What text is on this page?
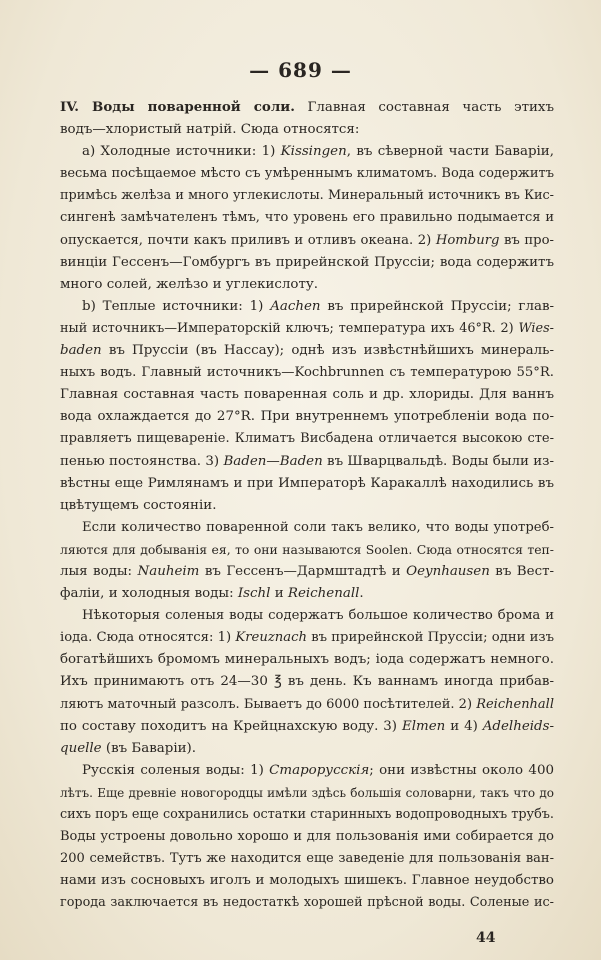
— 689 —
IV. Воды поваренной соли. Главная составная часть этихъ
водъ—хлористый натрій. Сюда относятся:
а) Холодные источники: 1) Kissingen, въ сѣверной части Баваріи,
весьма посѣщаемое мѣсто съ умѣреннымъ климатомъ. Вода содержитъ
примѣсь желѣза и много углекислоты. Минеральный источникъ въ Кис-
сингенѣ замѣчателенъ тѣмъ, что уровень его правильно подымается и
опускается, почти какъ приливъ и отливъ океана. 2) Homburg въ про-
винціи Гессенъ—Гомбургъ въ прирейнской Пруссіи; вода содержитъ
много солей, желѣзо и углекислоту.
b) Теплые источники: 1) Aachen въ прирейнской Пруссіи; глав-
ный источникъ—Императорскій ключъ; температура ихъ 46°R. 2) Wies-
baden въ Пруссіи (въ Нассау); однѣ изъ извѣстнѣйшихъ минераль-
ныхъ водъ. Главный источникъ—Kochbrunnen съ температурою 55°R.
Главная составная часть поваренная соль и др. хлориды. Для ваннъ
вода охлаждается до 27°R. При внутреннемъ употребленіи вода по-
правляетъ пищевареніе. Климатъ Висбадена отличается высокою сте-
пенью постоянства. 3) Baden—Baden въ Шварцвальдѣ. Воды были из-
вѣстны еще Римлянамъ и при Императорѣ Каракаллѣ находились въ
цвѣтущемъ состояніи.
Если количество поваренной соли такъ велико, что воды употреб-
ляются для добыванія ея, то они называются Soolen. Сюда относятся теп-
лыя воды: Nauheim въ Гессенъ—Дармштадтѣ и Oeynhausen въ Вест-
фаліи, и холодныя воды: Ischl и Reichenall.
Нѣкоторыя соленыя воды содержатъ большое количество брома и
іода. Сюда относятся: 1) Kreuznach въ прирейнской Пруссіи; одни изъ
богатѣйшихъ бромомъ минеральныхъ водъ; іода содержатъ немного.
Ихъ принимаютъ отъ 24—30 ℥ въ день. Къ ваннамъ иногда прибав-
ляютъ маточный разсолъ. Бываетъ до 6000 посѣтителей. 2) Reichenhall
по составу походитъ на Крейцнахскую воду. 3) Elmen и 4) Adelheids-
quelle (въ Баваріи).
Русскія соленыя воды: 1) Старорусскія; они извѣстны около 400
лѣтъ. Еще древніе новогородцы имѣли здѣсь большія соловарни, такъ что до
сихъ поръ еще сохранились остатки старинныхъ водопроводныхъ трубъ.
Воды устроены довольно хорошо и для пользованія ими собирается до
200 семействъ. Тутъ же находится еще заведеніе для пользованія ван-
нами изъ сосновыхъ иголъ и молодыхъ шишекъ. Главное неудобство
города заключается въ недостаткѣ хорошей прѣсной воды. Соленые ис-
44
